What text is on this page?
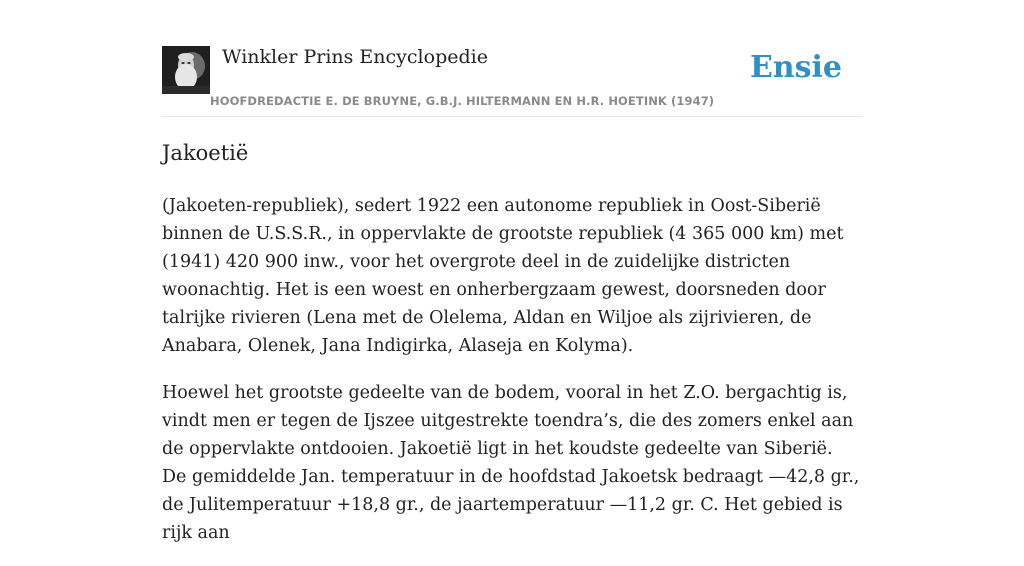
Winkler Prins Encyclopedie
HOOFDREDACTIE E. DE BRUYNE, G.B.J. HILTERMANN EN H.R. HOETINK (1947)
Ensie
Jakoetië

(Jakoeten-republiek), sedert 1922 een autonome republiek in Oost-Siberië binnen de U.S.S.R., in oppervlakte de grootste republiek (4 365 000 km) met (1941) 420 900 inw., voor het overgrote deel in de zuidelijke districten woonachtig. Het is een woest en onherbergzaam gewest, doorsneden door talrijke rivieren (Lena met de Olelema, Aldan en Wiljoe als zijrivieren, de Anabara, Olenek, Jana Indigirka, Alaseja en Kolyma).

Hoewel het grootste gedeelte van de bodem, vooral in het Z.O. bergachtig is, vindt men er tegen de Ijszee uitgestrekte toendra’s, die des zomers enkel aan de oppervlakte ontdooien. Jakoetië ligt in het koudste gedeelte van Siberië. De gemiddelde Jan. temperatuur in de hoofdstad Jakoetsk bedraagt —42,8 gr., de Julitemperatuur +18,8 gr., de jaartemperatuur —11,2 gr. C. Het gebied is rijk aan
